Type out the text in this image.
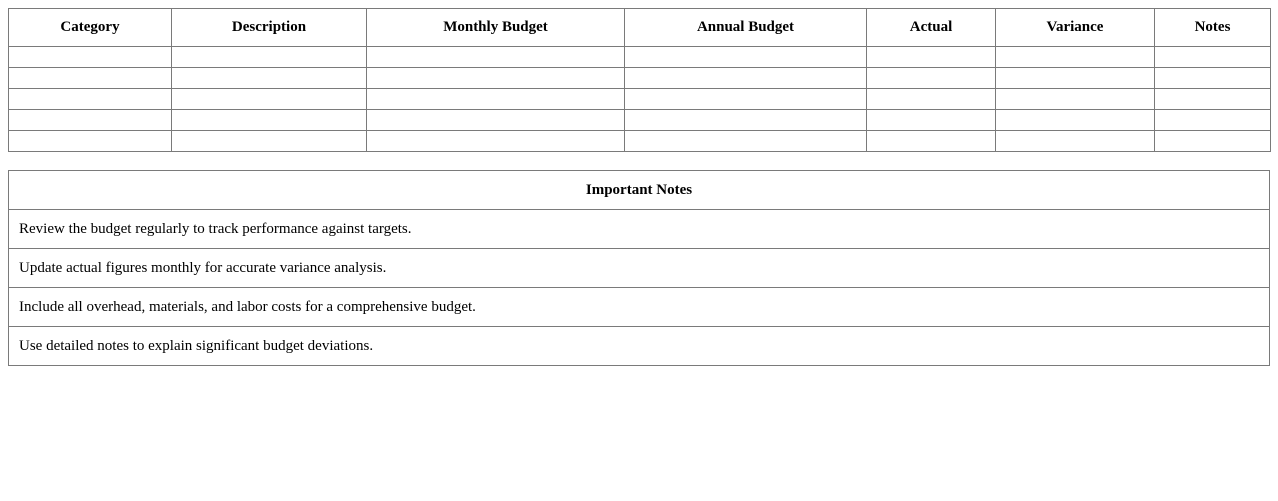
Category	Description	Monthly Budget	Annual Budget	Actual	Variance	Notes

Important Notes
Review the budget regularly to track performance against targets.
Update actual figures monthly for accurate variance analysis.
Include all overhead, materials, and labor costs for a comprehensive budget.
Use detailed notes to explain significant budget deviations.
